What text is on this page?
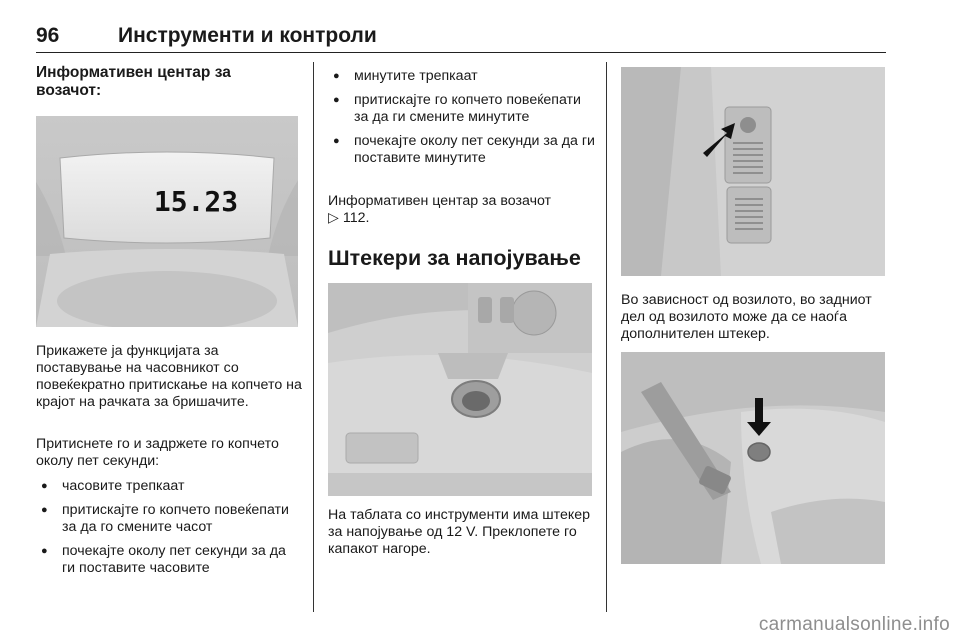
96	Инструменти и контроли
Информативен центар за возачот:
15.23

Прикажете ја функцијата за поставување на часовникот со повеќекратно притискање на копчето на крајот на рачката за бришачите.

Притиснете го и задржете го копчето околу пет секунди:

● часовите трепкаат
● притискајте го копчето повеќепати за да го смените часот
● почекајте околу пет секунди за да ги поставите часовите
● минутите трепкаат
● притискајте го копчето повеќепати за да ги смените минутите
● почекајте околу пет секунди за да ги поставите минутите

Информативен центар за возачот
▷ 112.

Штекери за напојување

На таблата со инструменти има штекер за напојување од 12 V. Преклопете го капакот нагоре.

Во зависност од возилото, во задниот дел од возилото може да се наоѓа дополнителен штекер.

carmanualsonline.info
